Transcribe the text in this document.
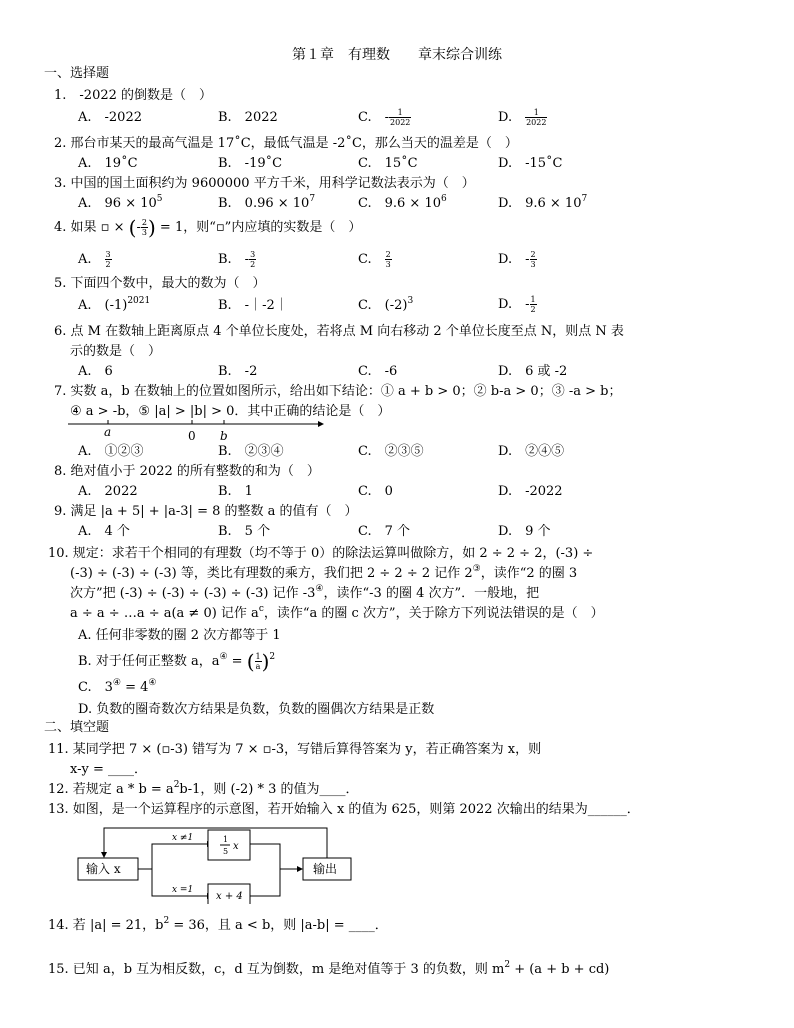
第１章　有理数　　章末综合训练
一、选择题
1.　-2022 的倒数是（　）
A.　-2022	B.　2022	C.　- $\frac{1}{2022}$	D.　 $\frac{1}{2022}$
2. 邢台市某天的最高气温是 17˚C，最低气温是 -2˚C，那么当天的温差是（　）
A.　19˚C	B.　-19˚C	C.　15˚C	D.　-15˚C
3. 中国的国土面积约为 9600000 平方千米，用科学记数法表示为（　）
A.　$96 \times 10^5$	B.　$0.96 \times 10^7$	C.　$9.6 \times 10^6$	D.　$9.6 \times 10^7$
4. 如果 ▫ × (- $\frac{2}{3}$ ) = 1，则“▫”内应填的实数是（　）
A.　 $\frac{3}{2}$	B.　- $\frac{3}{2}$	C.　 $\frac{2}{3}$	D.　- $\frac{2}{3}$
5. 下面四个数中，最大的数为（　）
A.　$(-1)^{2021}$	B.　-｜-2｜	C.　$(-2)^3$	D.　- $\frac{1}{2}$
6. 点 M 在数轴上距离原点 4 个单位长度处，若将点 M 向右移动 2 个单位长度至点 N，则点 N 表
示的数是（　）
A.　6	B.　-2	C.　-6	D.　6 或 -2
7. 实数 a，b 在数轴上的位置如图所示，给出如下结论：① a + b > 0；② b-a > 0；③ -a > b；
④ a > -b，⑤ |a| > |b| > 0．其中正确的结论是（　）
a	0 b
A.　①②③	B.　②③④	C.　②③⑤	D.　②④⑤
8. 绝对值小于 2022 的所有整数的和为（　）
A.　2022	B.　1	C.　0	D.　-2022
9. 满足 |a + 5| + |a-3| = 8 的整数 a 的值有（　）
A.　4 个	B.　5 个	C.　7 个	D.　9 个
10. 规定：求若干个相同的有理数（均不等于 0）的除法运算叫做除方，如 2 ÷ 2 ÷ 2，(-3) ÷
(-3) ÷ (-3) ÷ (-3) 等，类比有理数的乘方，我们把 2 ÷ 2 ÷ 2 记作 2③，读作“2 的圈 3
次方”把 (-3) ÷ (-3) ÷ (-3) ÷ (-3) 记作 -3④，读作“-3 的圈 4 次方”．一般地，把
a ÷ a ÷ …a ÷ a(a ≠ 0) 记作 $a^c$，读作“a 的圈 c 次方”，关于除方下列说法错误的是（　）
A. 任何非零数的圈 2 次方都等于 1
B. 对于任何正整数 a，a④ = ( $\frac{1}{a} )^2$
C.　3④ = 4④
D. 负数的圈奇数次方结果是负数，负数的圈偶次方结果是正数
二、填空题
11. 某同学把 7 × (▫-3) 错写为 7 × ▫-3，写错后算得答案为 y，若正确答案为 x，则
x-y = ____．
12. 若规定 $a * b = a^2b-1$，则 (-2) * 3 的值为____．
13. 如图，是一个运算程序的示意图，若开始输入 x 的值为 625，则第 2022 次输出的结果为______．
输入 x
x ≠1	1
5 x
x =1
x + 4
输出
14. 若 |a| = 21，$b^2 = 36$，且 a < b，则 |a-b| = ____．
15. 已知 a，b 互为相反数，c，d 互为倒数，m 是绝对值等于 3 的负数，则 $m^2 + (a + b + cd)$
